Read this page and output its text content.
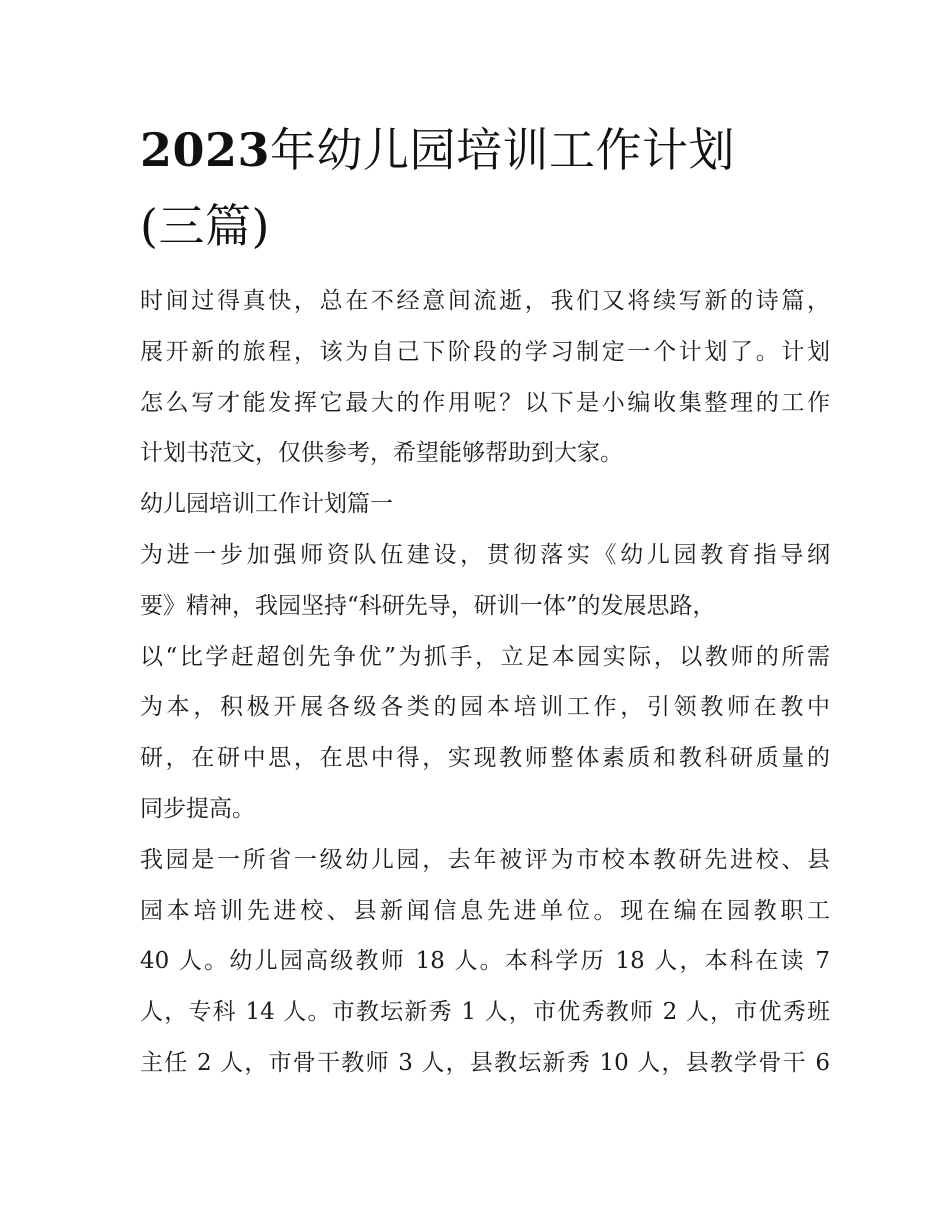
2023年幼儿园培训工作计划
(三篇)
时间过得真快，总在不经意间流逝，我们又将续写新的诗篇，
展开新的旅程，该为自己下阶段的学习制定一个计划了。计划
怎么写才能发挥它最大的作用呢？以下是小编收集整理的工作
计划书范文，仅供参考，希望能够帮助到大家。
幼儿园培训工作计划篇一
为进一步加强师资队伍建设，贯彻落实《幼儿园教育指导纲
要》精神，我园坚持“科研先导，研训一体”的发展思路，
以“比学赶超创先争优”为抓手，立足本园实际，以教师的所需
为本，积极开展各级各类的园本培训工作，引领教师在教中
研，在研中思，在思中得，实现教师整体素质和教科研质量的
同步提高。
我园是一所省一级幼儿园，去年被评为市校本教研先进校、县
园本培训先进校、县新闻信息先进单位。现在编在园教职工
40 人。幼儿园高级教师 18 人。本科学历 18 人，本科在读 7
人，专科 14 人。市教坛新秀 1 人，市优秀教师 2 人，市优秀班
主任 2 人，市骨干教师 3 人，县教坛新秀 10 人，县教学骨干 6
